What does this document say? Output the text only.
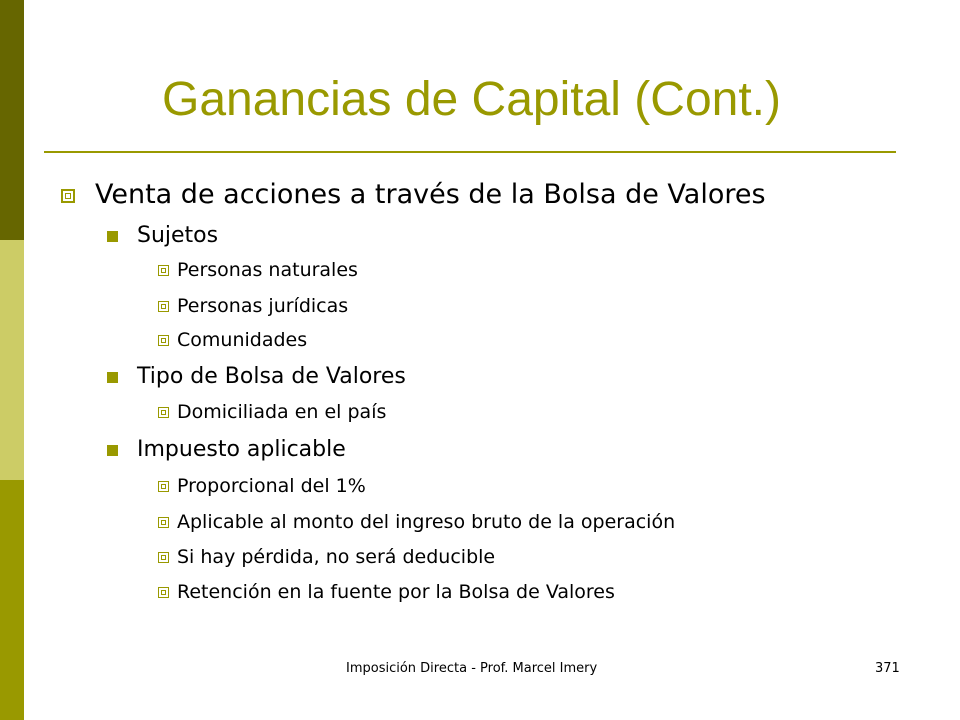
Ganancias de Capital (Cont.)
Venta de acciones a través de la Bolsa de Valores
Sujetos
Personas naturales
Personas jurídicas
Comunidades
Tipo de Bolsa de Valores
Domiciliada en el país
Impuesto aplicable
Proporcional del 1%
Aplicable al monto del ingreso bruto de la operación
Si hay pérdida, no será deducible
Retención en la fuente por la Bolsa de Valores
Imposición Directa - Prof. Marcel Imery	371
